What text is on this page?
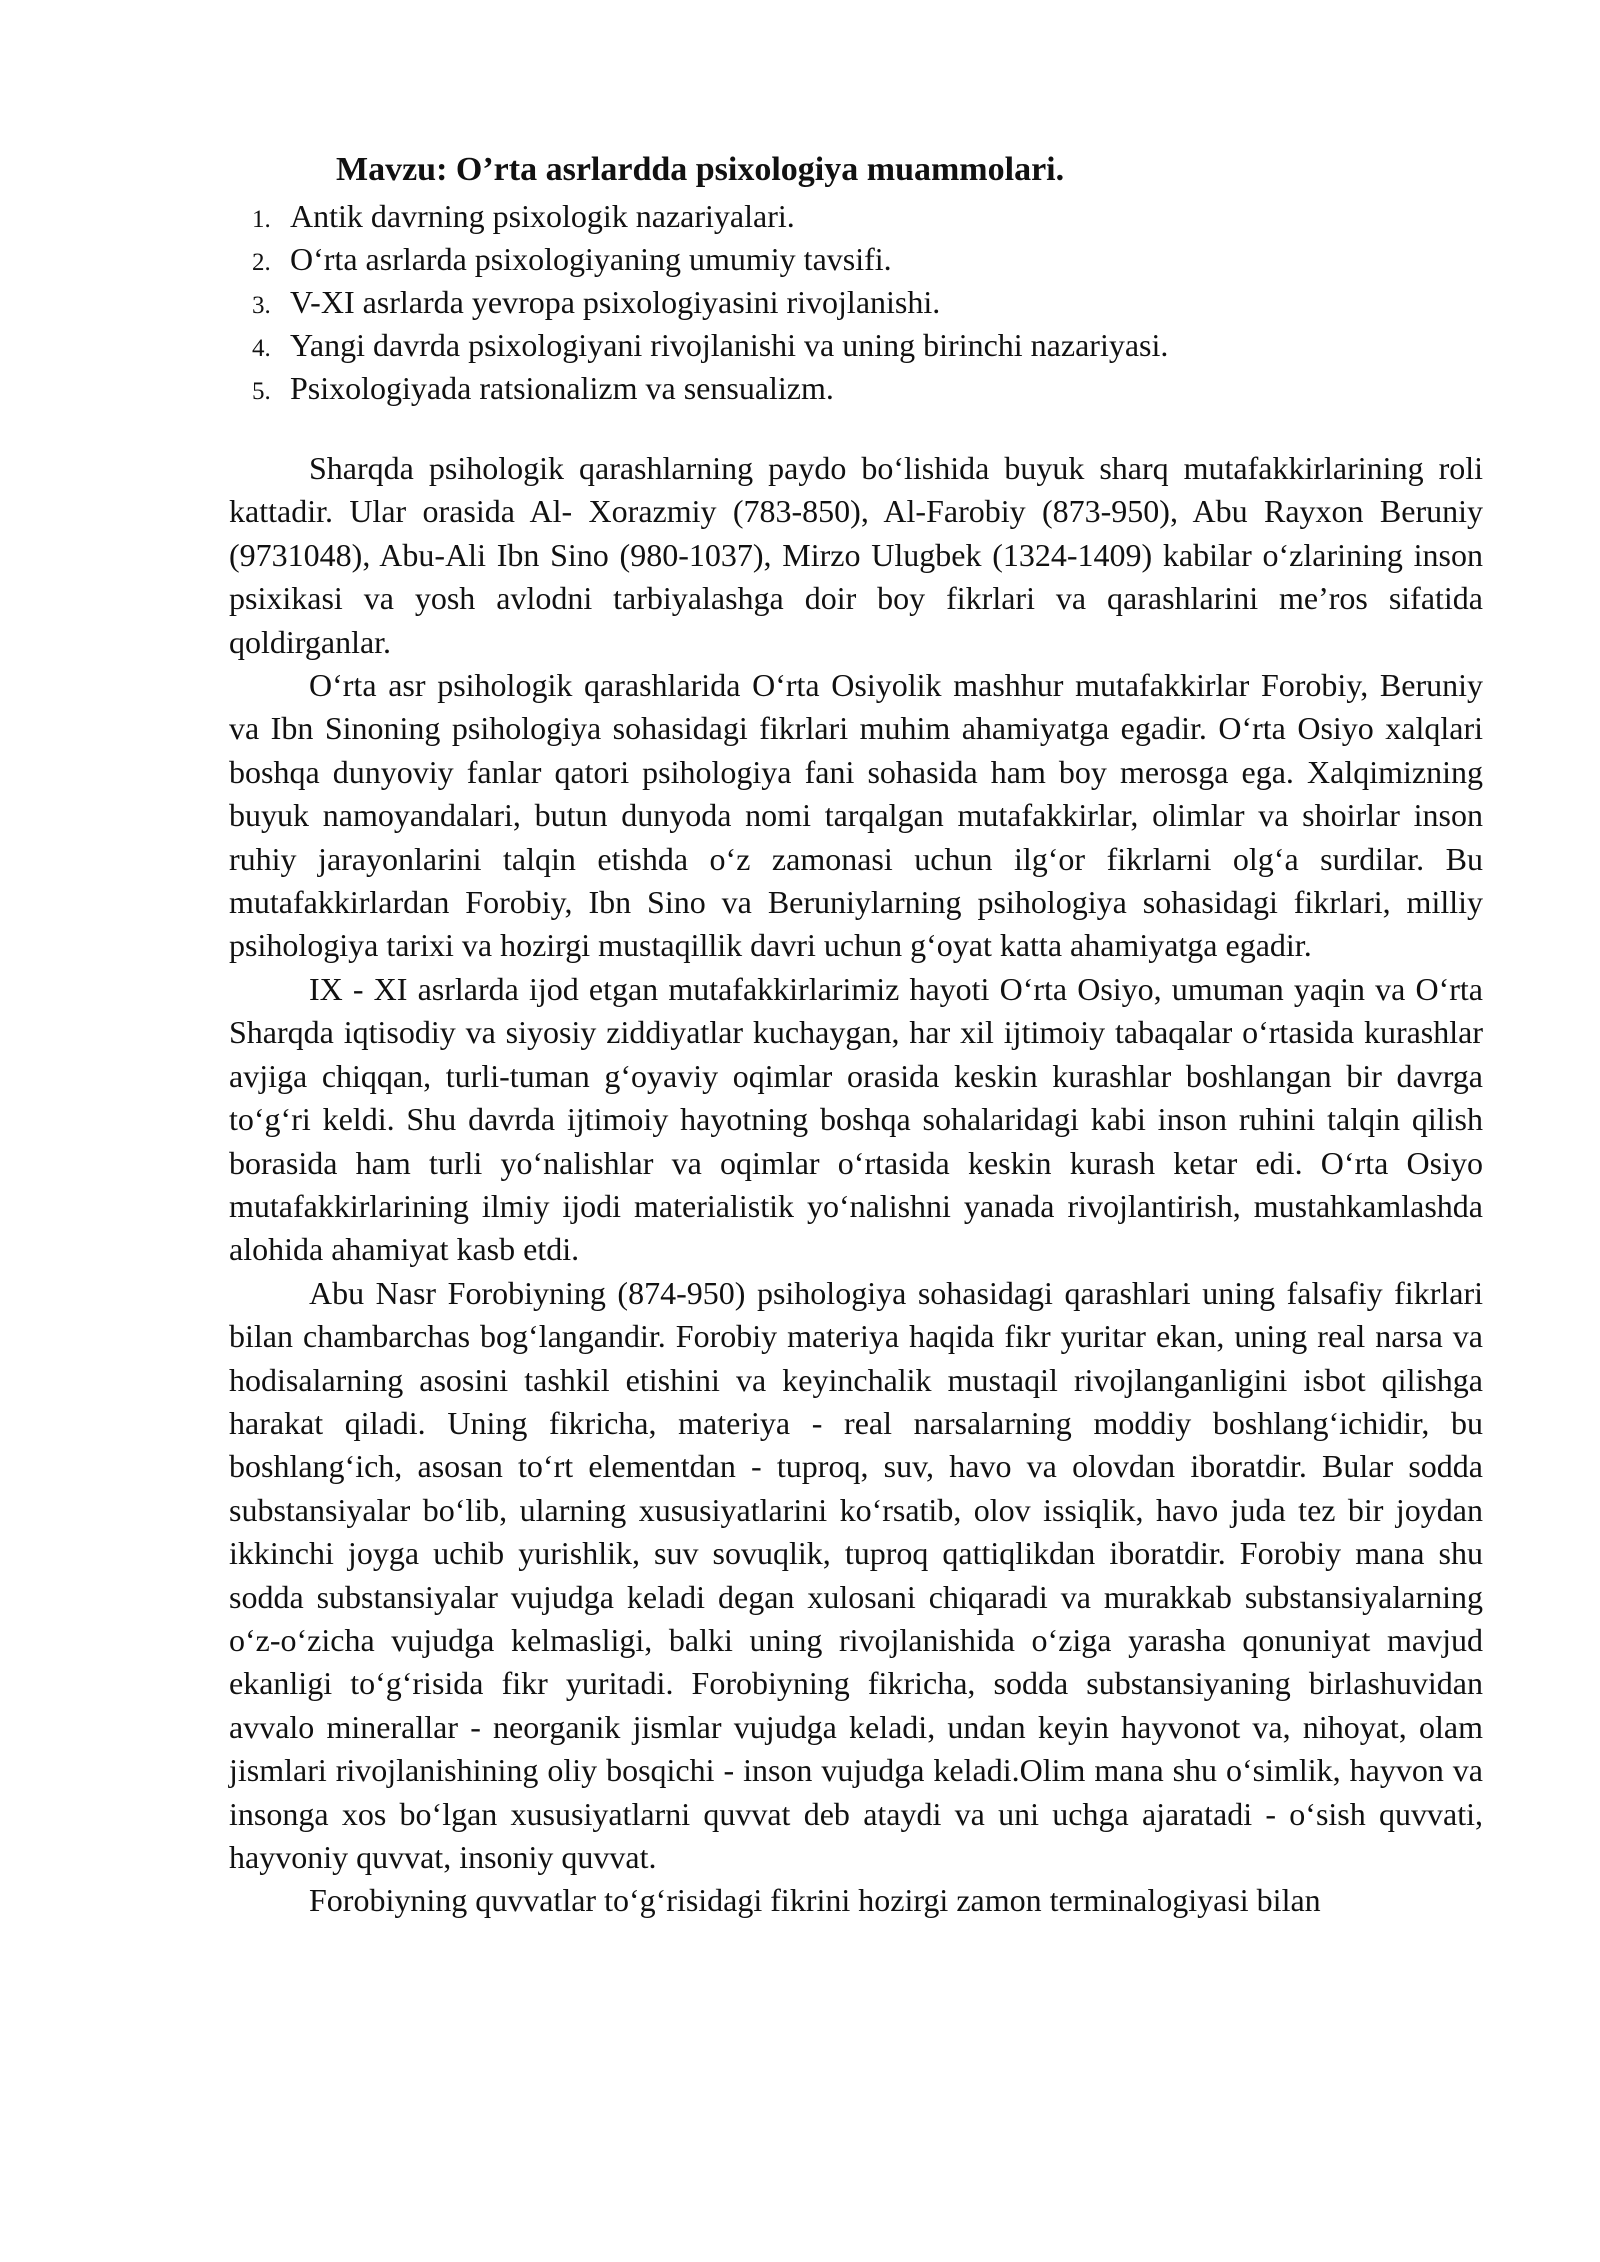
Mavzu: O’rta asrlardda psixologiya muammolari.
1. Antik davrning psixologik nazariyalari.
2. O‘rta asrlarda psixologiyaning umumiy tavsifi.
3. V-XI asrlarda yevropa psixologiyasini rivojlanishi.
4. Yangi davrda psixologiyani rivojlanishi va uning birinchi nazariyasi.
5. Psixologiyada ratsionalizm va sensualizm.

Sharqda psihologik qarashlarning paydo bo‘lishida buyuk sharq mutafakkirlarining roli kattadir. Ular orasida Al- Xorazmiy (783-850), Al-Farobiy (873-950), Abu Rayxon Beruniy (9731048), Abu-Ali Ibn Sino (980-1037), Mirzo Ulugbek (1324-1409) kabilar o‘zlarining inson psixikasi va yosh avlodni tarbiyalashga doir boy fikrlari va qarashlarini me’ros sifatida qoldirganlar.

O‘rta asr psihologik qarashlarida O‘rta Osiyolik mashhur mutafakkirlar Forobiy, Beruniy va Ibn Sinoning psihologiya sohasidagi fikrlari muhim ahamiyatga egadir. O‘rta Osiyo xalqlari boshqa dunyoviy fanlar qatori psihologiya fani sohasida ham boy merosga ega. Xalqimizning buyuk namoyandalari, butun dunyoda nomi tarqalgan mutafakkirlar, olimlar va shoirlar inson ruhiy jarayonlarini talqin etishda o‘z zamonasi uchun ilg‘or fikrlarni olg‘a surdilar. Bu mutafakkirlardan Forobiy, Ibn Sino va Beruniylarning psihologiya sohasidagi fikrlari, milliy psihologiya tarixi va hozirgi mustaqillik davri uchun g‘oyat katta ahamiyatga egadir.

IX - XI asrlarda ijod etgan mutafakkirlarimiz hayoti O‘rta Osiyo, umuman yaqin va O‘rta Sharqda iqtisodiy va siyosiy ziddiyatlar kuchaygan, har xil ijtimoiy tabaqalar o‘rtasida kurashlar avjiga chiqqan, turli-tuman g‘oyaviy oqimlar orasida keskin kurashlar boshlangan bir davrga to‘g‘ri keldi. Shu davrda ijtimoiy hayotning boshqa sohalaridagi kabi inson ruhini talqin qilish borasida ham turli yo‘nalishlar va oqimlar o‘rtasida keskin kurash ketar edi. O‘rta Osiyo mutafakkirlarining ilmiy ijodi materialistik yo‘nalishni yanada rivojlantirish, mustahkamlashda alohida ahamiyat kasb etdi.

Abu Nasr Forobiyning (874-950) psihologiya sohasidagi qarashlari uning falsafiy fikrlari bilan chambarchas bog‘langandir. Forobiy materiya haqida fikr yuritar ekan, uning real narsa va hodisalarning asosini tashkil etishini va keyinchalik mustaqil rivojlanganligini isbot qilishga harakat qiladi. Uning fikricha, materiya - real narsalarning moddiy boshlang‘ichidir, bu boshlang‘ich, asosan to‘rt elementdan - tuproq, suv, havo va olovdan iboratdir. Bular sodda substansiyalar bo‘lib, ularning xususiyatlarini ko‘rsatib, olov issiqlik, havo juda tez bir joydan ikkinchi joyga uchib yurishlik, suv sovuqlik, tuproq qattiqlikdan iboratdir. Forobiy mana shu sodda substansiyalar vujudga keladi degan xulosani chiqaradi va murakkab substansiyalarning o‘z-o‘zicha vujudga kelmasligi, balki uning rivojlanishida o‘ziga yarasha qonuniyat mavjud ekanligi to‘g‘risida fikr yuritadi. Forobiyning fikricha, sodda substansiyaning birlashuvidan avvalo minerallar - neorganik jismlar vujudga keladi, undan keyin hayvonot va, nihoyat, olam jismlari rivojlanishining oliy bosqichi - inson vujudga keladi.Olim mana shu o‘simlik, hayvon va insonga xos bo‘lgan xususiyatlarni quvvat deb ataydi va uni uchga ajaratadi - o‘sish quvvati, hayvoniy quvvat, insoniy quvvat.

Forobiyning quvvatlar to‘g‘risidagi fikrini hozirgi zamon terminalogiyasi bilan
